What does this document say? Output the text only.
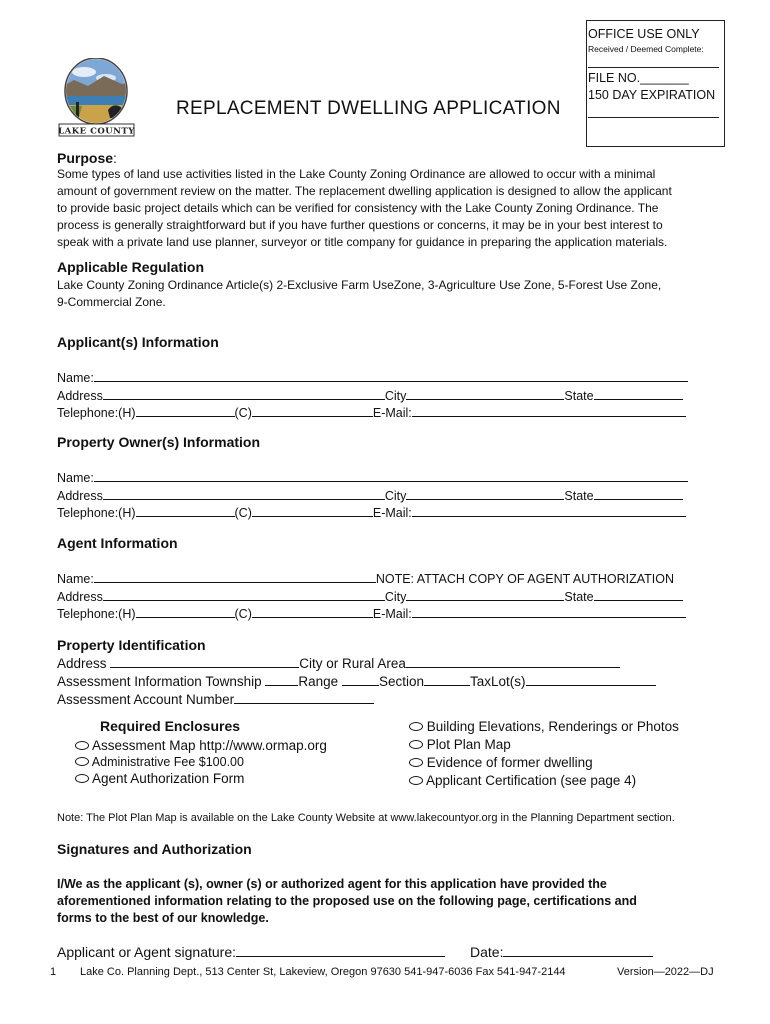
OFFICE USE ONLY
Received / Deemed Complete:
FILE NO._______
150 DAY EXPIRATION
LAKE COUNTY
REPLACEMENT DWELLING APPLICATION
Purpose:
Some types of land use activities listed in the Lake County Zoning Ordinance are allowed to occur with a minimal
amount of government review on the matter. The replacement dwelling application is designed to allow the applicant
to provide basic project details which can be verified for consistency with the Lake County Zoning Ordinance. The
process is generally straightforward but if you have further questions or concerns, it may be in your best interest to
speak with a private land use planner, surveyor or title company for guidance in preparing the application materials.
Applicable Regulation
Lake County Zoning Ordinance Article(s) 2-Exclusive Farm UseZone, 3-Agriculture Use Zone, 5-Forest Use Zone,
9-Commercial Zone.
Applicant(s) Information
Name:
Address	City	State
Telephone:(H)	(C)	E-Mail:
Property Owner(s) Information
Name:
Address	City	State
Telephone:(H)	(C)	E-Mail:
Agent Information
Name:	NOTE: ATTACH COPY OF AGENT AUTHORIZATION
Address	City	State
Telephone:(H)	(C)	E-Mail:
Property Identification
Address	City or Rural Area
Assessment Information Township	Range	Section	TaxLot(s)
Assessment Account Number
Required Enclosures
Assessment Map http://www.ormap.org
Administrative Fee $100.00
Agent Authorization Form
Building Elevations, Renderings or Photos
Plot Plan Map
Evidence of former dwelling
Applicant Certification (see page 4)
Note: The Plot Plan Map is available on the Lake County Website at www.lakecountyor.org in the Planning Department section.
Signatures and Authorization
I/We as the applicant (s), owner (s) or authorized agent for this application have provided the
aforementioned information relating to the proposed use on the following page, certifications and
forms to the best of our knowledge.
Applicant or Agent signature:	Date:
1 Lake Co. Planning Dept., 513 Center St, Lakeview, Oregon 97630 541-947-6036 Fax 541-947-2144	Version—2022—DJ
